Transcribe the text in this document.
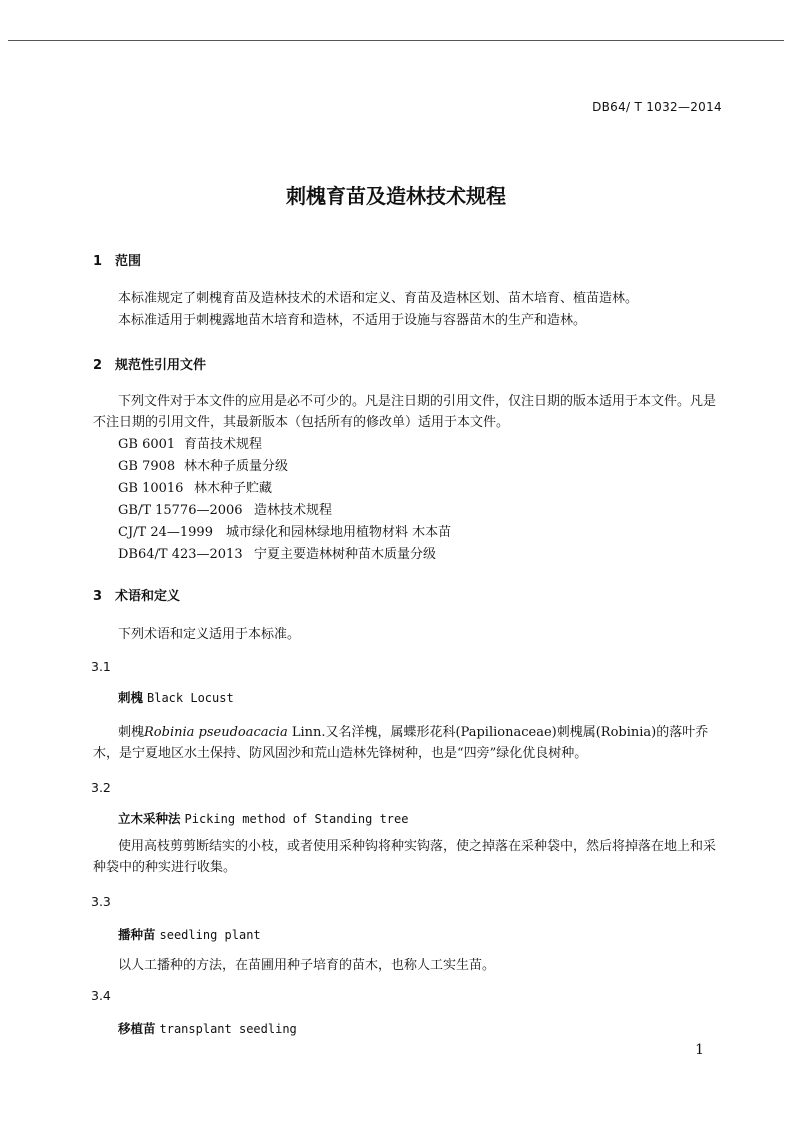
DB64/ T 1032—2014
刺槐育苗及造林技术规程
1 范围
本标准规定了刺槐育苗及造林技术的术语和定义、育苗及造林区划、苗木培育、植苗造林。
本标准适用于刺槐露地苗木培育和造林，不适用于设施与容器苗木的生产和造林。
2 规范性引用文件
下列文件对于本文件的应用是必不可少的。凡是注日期的引用文件，仅注日期的版本适用于本文件。凡是不注日期的引用文件，其最新版本（包括所有的修改单）适用于本文件。
GB 6001 育苗技术规程
GB 7908 林木种子质量分级
GB 10016 林木种子贮藏
GB/T 15776—2006 造林技术规程
CJ/T 24—1999 城市绿化和园林绿地用植物材料 木本苗
DB64/T 423—2013 宁夏主要造林树种苗木质量分级
3 术语和定义
下列术语和定义适用于本标准。
3.1
刺槐 Black Locust
刺槐Robinia pseudoacacia Linn.又名洋槐，属蝶形花科(Papilionaceae)刺槐属(Robinia)的落叶乔木，是宁夏地区水土保持、防风固沙和荒山造林先锋树种，也是“四旁”绿化优良树种。
3.2
立木采种法 Picking method of Standing tree
使用高枝剪剪断结实的小枝，或者使用采种钩将种实钩落，使之掉落在采种袋中，然后将掉落在地上和采种袋中的种实进行收集。
3.3
播种苗 seedling plant
以人工播种的方法，在苗圃用种子培育的苗木，也称人工实生苗。
3.4
移植苗 transplant seedling
1
